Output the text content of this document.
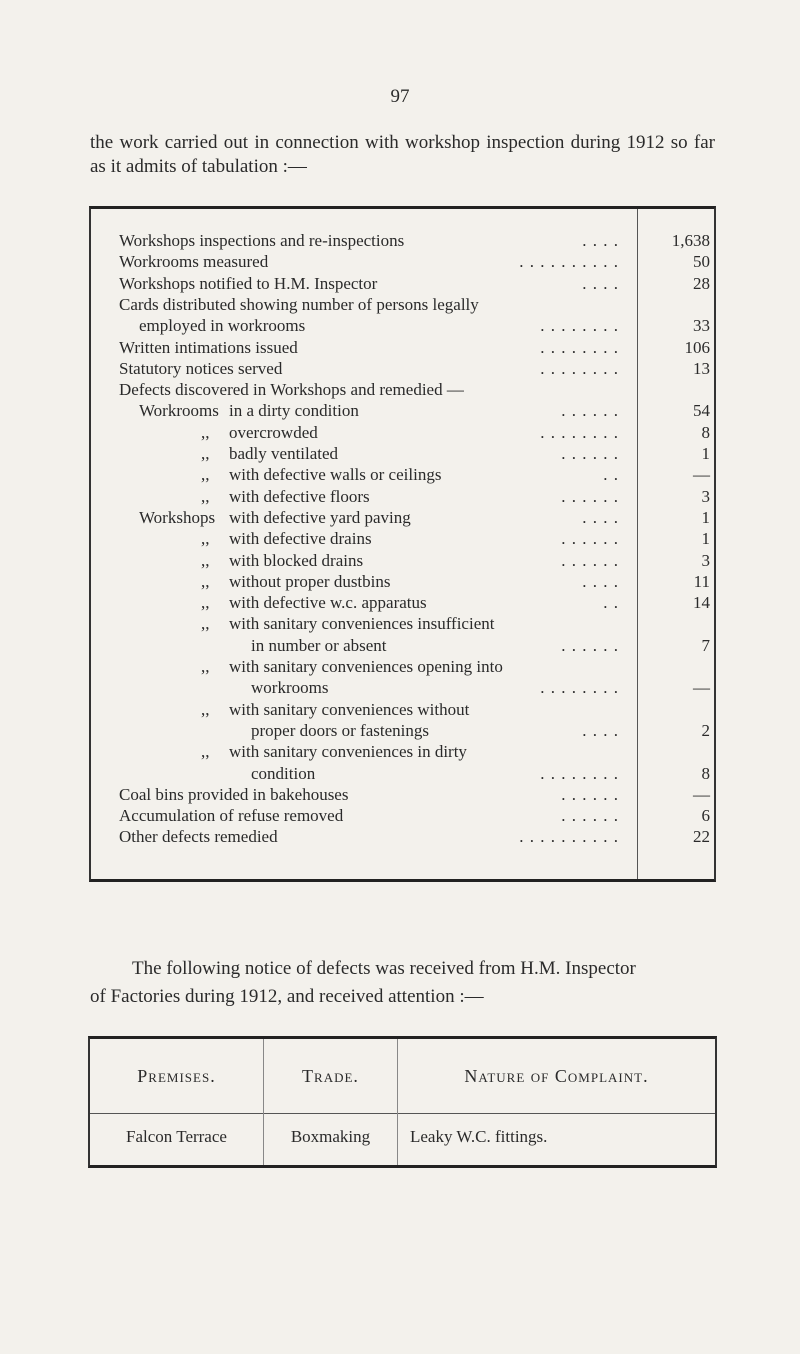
97
the work carried out in connection with workshop inspection during 1912 so far as it admits of tabulation :—
Workshops inspections and re-inspections	. . . .	1,638
Workrooms measured	. . . . . . . . . .	50
Workshops notified to H.M. Inspector	. . . .	28
Cards distributed showing number of persons legally
employed in workrooms	. . . . . . . .	33
Written intimations issued	. . . . . . . .	106
Statutory notices served	. . . . . . . .	13
Defects discovered in Workshops and remedied —
Workrooms in a dirty condition	. . . . . .	54
,, overcrowded	. . . . . . . .	8
,, badly ventilated	. . . . . .	1
,, with defective walls or ceilings	. .	—
,, with defective floors	. . . . . .	3
Workshops with defective yard paving	. . . .	1
,, with defective drains	. . . . . .	1
,, with blocked drains	. . . . . .	3
,, without proper dustbins	. . . .	11
,, with defective w.c. apparatus	. .	14
,, with sanitary conveniences insufficient
in number or absent	. . . . . .	7
,, with sanitary conveniences opening into
workrooms	. . . . . . . .	—
,, with sanitary conveniences without
proper doors or fastenings	. . . .	2
,, with sanitary conveniences in dirty
condition	. . . . . . . .	8
Coal bins provided in bakehouses	. . . . . .	—
Accumulation of refuse removed	. . . . . .	6
Other defects remedied	. . . . . . . . . .	22
The following notice of defects was received from H.M. Inspector
of Factories during 1912, and received attention :—
Premises.	Trade.	Nature of Complaint.
Falcon Terrace	Boxmaking	Leaky W.C. fittings.
